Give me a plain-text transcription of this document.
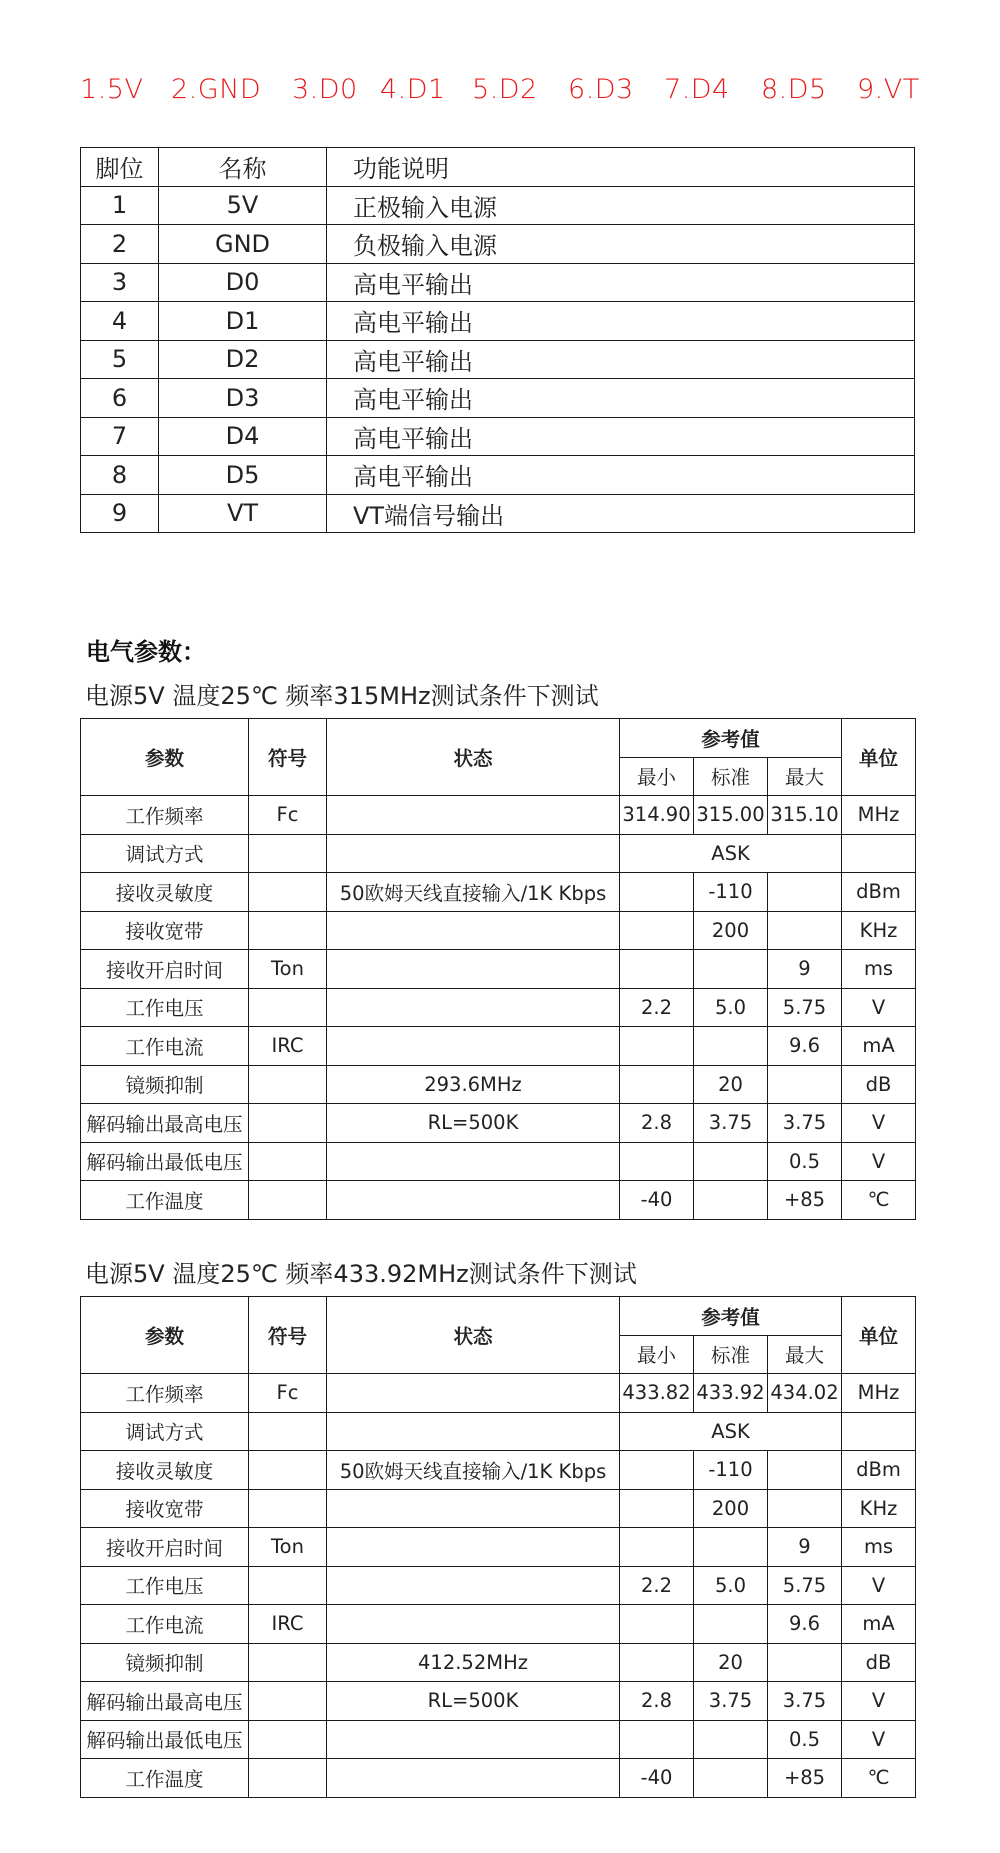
1.5V 2.GND 3.D0 4.D1 5.D2 6.D3 7.D4 8.D5 9.VT
脚位	名称	功能说明
1	5V	正极输入电源
2	GND	负极输入电源
3	D0	高电平输出
4	D1	高电平输出
5	D2	高电平输出
6	D3	高电平输出
7	D4	高电平输出
8	D5	高电平输出
9	VT	VT端信号输出
电气参数：
电源5V 温度25℃ 频率315MHz测试条件下测试
参数	符号	状态	参考值			单位
			最小	标准	最大	
工作频率	Fc		314.90	315.00	315.10	MHz
调试方式			ASK			
接收灵敏度		50欧姆天线直接输入/1K Kbps		-110		dBm
接收宽带				200		KHz
接收开启时间	Ton				9	ms
工作电压			2.2	5.0	5.75	V
工作电流	IRC				9.6	mA
镜频抑制		293.6MHz		20		dB
解码输出最高电压		RL=500K	2.8	3.75	3.75	V
解码输出最低电压					0.5	V
工作温度			-40		+85	℃
电源5V 温度25℃ 频率433.92MHz测试条件下测试
参数	符号	状态	参考值			单位
			最小	标准	最大	
工作频率	Fc		433.82	433.92	434.02	MHz
调试方式			ASK			
接收灵敏度		50欧姆天线直接输入/1K Kbps		-110		dBm
接收宽带				200		KHz
接收开启时间	Ton				9	ms
工作电压			2.2	5.0	5.75	V
工作电流	IRC				9.6	mA
镜频抑制		412.52MHz		20		dB
解码输出最高电压		RL=500K	2.8	3.75	3.75	V
解码输出最低电压					0.5	V
工作温度			-40		+85	℃
